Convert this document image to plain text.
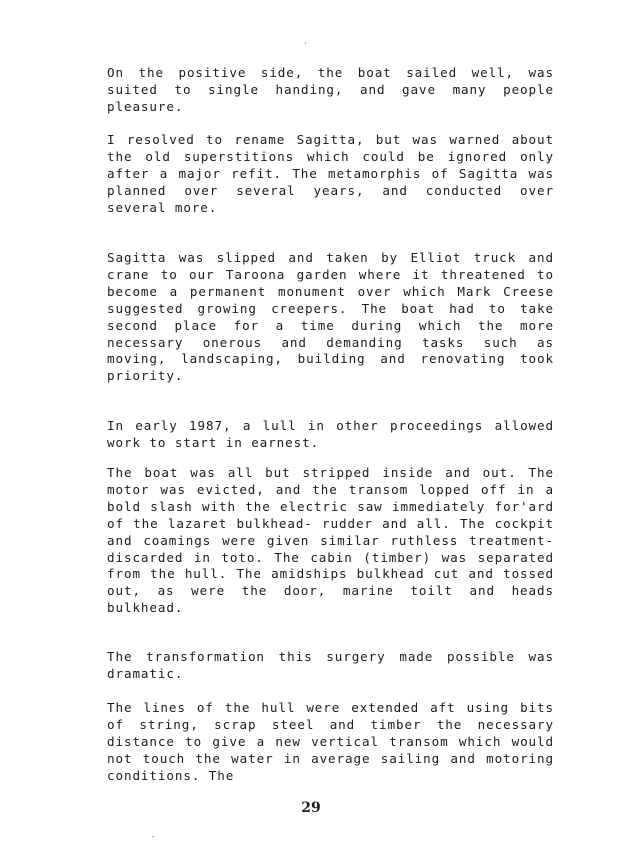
On the positive side, the boat sailed well, was suited to single handing, and gave many people pleasure.

I resolved to rename Sagitta, but was warned about the old superstitions which could be ignored only after a major refit. The metamorphis of Sagitta was planned over several years, and conducted over several more.

Sagitta was slipped and taken by Elliot truck and crane to our Taroona garden where it threatened to become a permanent monument over which Mark Creese suggested growing creepers. The boat had to take second place for a time during which the more necessary onerous and demanding tasks such as moving, landscaping, building and renovating took priority.

In early 1987, a lull in other proceedings allowed work to start in earnest.

The boat was all but stripped inside and out. The motor was evicted, and the transom lopped off in a bold slash with the electric saw immediately for'ard of the lazaret bulkhead- rudder and all. The cockpit and coamings were given similar ruthless treatment- discarded in toto. The cabin (timber) was separated from the hull. The amidships bulkhead cut and tossed out, as were the door, marine toilt and heads bulkhead.

The transformation this surgery made possible was dramatic.

The lines of the hull were extended aft using bits of string, scrap steel and timber the necessary distance to give a new vertical transom which would not touch the water in average sailing and motoring conditions. The

29
